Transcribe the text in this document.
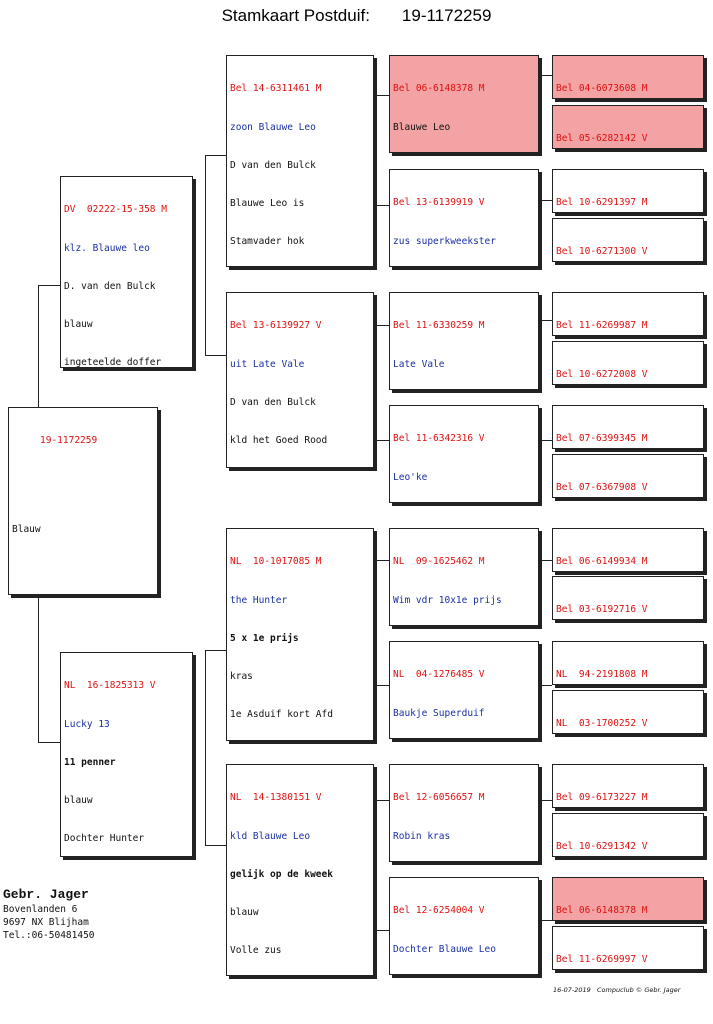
Stamkaart Postduif: 19-1172259

19-1172259

Blauw

DV  02222-15-358 M

klz. Blauwe leo

D. van den Bulck

blauw

ingeteelde doffer

NL  16-1825313 V

Lucky 13

11 penner

blauw

Dochter Hunter

Bel 14-6311461 M

zoon Blauwe Leo

D van den Bulck

Blauwe Leo is

Stamvader hok

Bel 13-6139927 V

uit Late Vale

D van den Bulck

kld het Goed Rood

NL  10-1017085 M

the Hunter

5 x 1e prijs

kras

1e Asduif kort Afd

NL  14-1380151 V

kld Blauwe Leo

gelijk op de kweek

blauw

Volle zus

Bel 06-6148378 M

Blauwe Leo

Bel 13-6139919 V

zus superkweekster

Bel 11-6330259 M

Late Vale

Bel 11-6342316 V

Leo'ke

NL  09-1625462 M

Wim vdr 10x1e prijs

NL  04-1276485 V

Baukje Superduif

Bel 12-6056657 M

Robin kras

Bel 12-6254004 V

Dochter Blauwe Leo

Bel 04-6073608 M

Bel 05-6282142 V

Bel 10-6291397 M

Bel 10-6271300 V

Bel 11-6269987 M

Bel 10-6272008 V

Bel 07-6399345 M

Bel 07-6367908 V

Bel 06-6149934 M

Bel 03-6192716 V

NL  94-2191808 M

NL  03-1700252 V

Bel 09-6173227 M

Bel 10-6291342 V

Bel 06-6148378 M

Bel 11-6269997 V

Gebr. Jager
Bovenlanden 6
9697 NX Blijham
Tel.:06-50481450
16-07-2019   Compuclub © Gebr. Jager
